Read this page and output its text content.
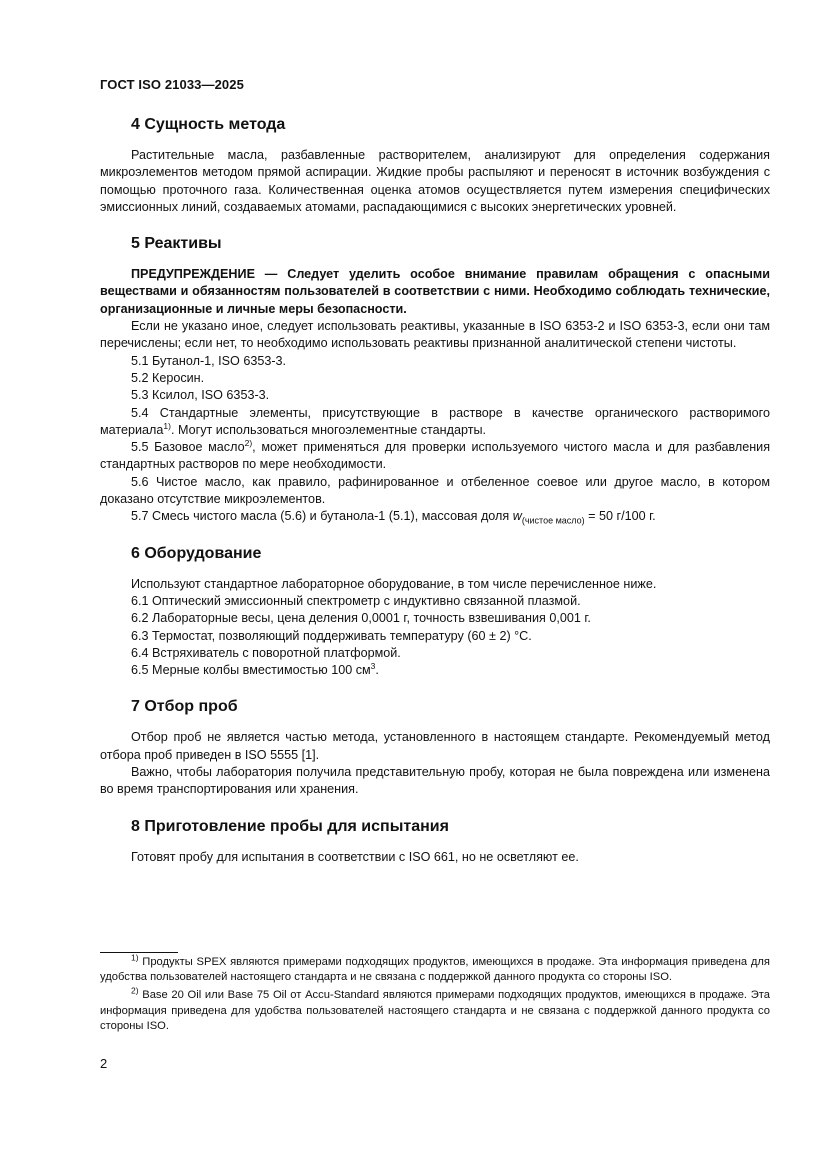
ГОСТ ISO 21033—2025
4 Сущность метода

Растительные масла, разбавленные растворителем, анализируют для определения содержания микроэлементов методом прямой аспирации. Жидкие пробы распыляют и переносят в источник возбуждения с помощью проточного газа. Количественная оценка атомов осуществляется путем измерения специфических эмиссионных линий, создаваемых атомами, распадающимися с высоких энергетических уровней.

5 Реактивы

ПРЕДУПРЕЖДЕНИЕ — Следует уделить особое внимание правилам обращения с опасными веществами и обязанностям пользователей в соответствии с ними. Необходимо соблюдать технические, организационные и личные меры безопасности.

Если не указано иное, следует использовать реактивы, указанные в ISO 6353-2 и ISO 6353-3, если они там перечислены; если нет, то необходимо использовать реактивы признанной аналитической степени чистоты.

5.1 Бутанол-1, ISO 6353-3.

5.2 Керосин.

5.3 Ксилол, ISO 6353-3.

5.4 Стандартные элементы, присутствующие в растворе в качестве органического растворимого материала$^{1)}$. Могут использоваться многоэлементные стандарты.

5.5 Базовое масло$^{2)}$, может применяться для проверки используемого чистого масла и для разбавления стандартных растворов по мере необходимости.

5.6 Чистое масло, как правило, рафинированное и отбеленное соевое или другое масло, в котором доказано отсутствие микроэлементов.

5.7 Смесь чистого масла (5.6) и бутанола-1 (5.1), массовая доля $w_{(чистое масло)} = 50$ г/100 г.

6 Оборудование

Используют стандартное лабораторное оборудование, в том числе перечисленное ниже.

6.1 Оптический эмиссионный спектрометр с индуктивно связанной плазмой.

6.2 Лабораторные весы, цена деления 0,0001 г, точность взвешивания 0,001 г.

6.3 Термостат, позволяющий поддерживать температуру (60 ± 2) °C.

6.4 Встряхиватель с поворотной платформой.

6.5 Мерные колбы вместимостью 100 $см^3$.

7 Отбор проб

Отбор проб не является частью метода, установленного в настоящем стандарте. Рекомендуемый метод отбора проб приведен в ISO 5555 [1].

Важно, чтобы лаборатория получила представительную пробу, которая не была повреждена или изменена во время транспортирования или хранения.

8 Приготовление пробы для испытания

Готовят пробу для испытания в соответствии с ISO 661, но не осветляют ее.

$^{1)}$ Продукты SPEX являются примерами подходящих продуктов, имеющихся в продаже. Эта информация приведена для удобства пользователей настоящего стандарта и не связана с поддержкой данного продукта со стороны ISO.

$^{2)}$ Base 20 Oil или Base 75 Oil от Accu-Standard являются примерами подходящих продуктов, имеющихся в продаже. Эта информация приведена для удобства пользователей настоящего стандарта и не связана с поддержкой данного продукта со стороны ISO.

2
